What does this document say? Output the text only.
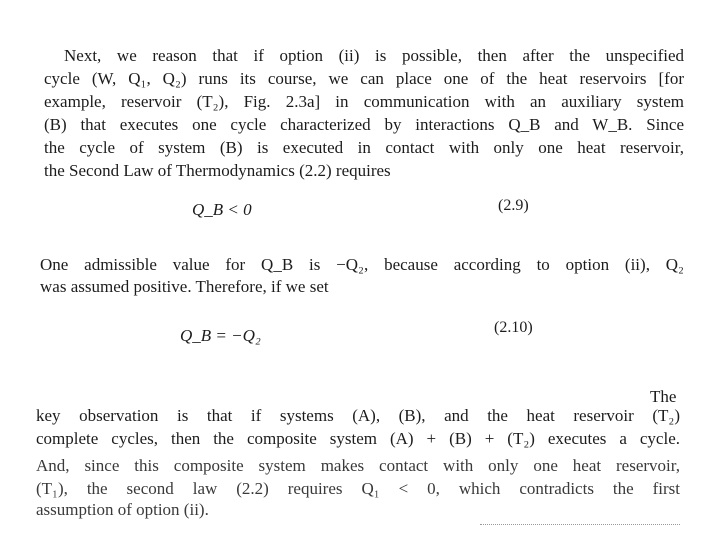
Next, we reason that if option (ii) is possible, then after the unspecified
cycle (W, Q₁, Q₂) runs its course, we can place one of the heat reservoirs [for
example, reservoir (T₂), Fig. 2.3a] in communication with an auxiliary system
(B) that executes one cycle characterized by interactions Q_B and W_B. Since
the cycle of system (B) is executed in contact with only one heat reservoir,
the Second Law of Thermodynamics (2.2) requires
Q_B < 0	(2.9)
One admissible value for Q_B is −Q₂, because according to option (ii), Q₂
was assumed positive. Therefore, if we set
Q_B = −Q₂	(2.10)
The
key observation is that if systems (A), (B), and the heat reservoir (T₂)
complete cycles, then the composite system (A) + (B) + (T₂) executes a cycle.
And, since this composite system makes contact with only one heat reservoir,
(T₁), the second law (2.2) requires Q₁ < 0, which contradicts the first
assumption of option (ii).
